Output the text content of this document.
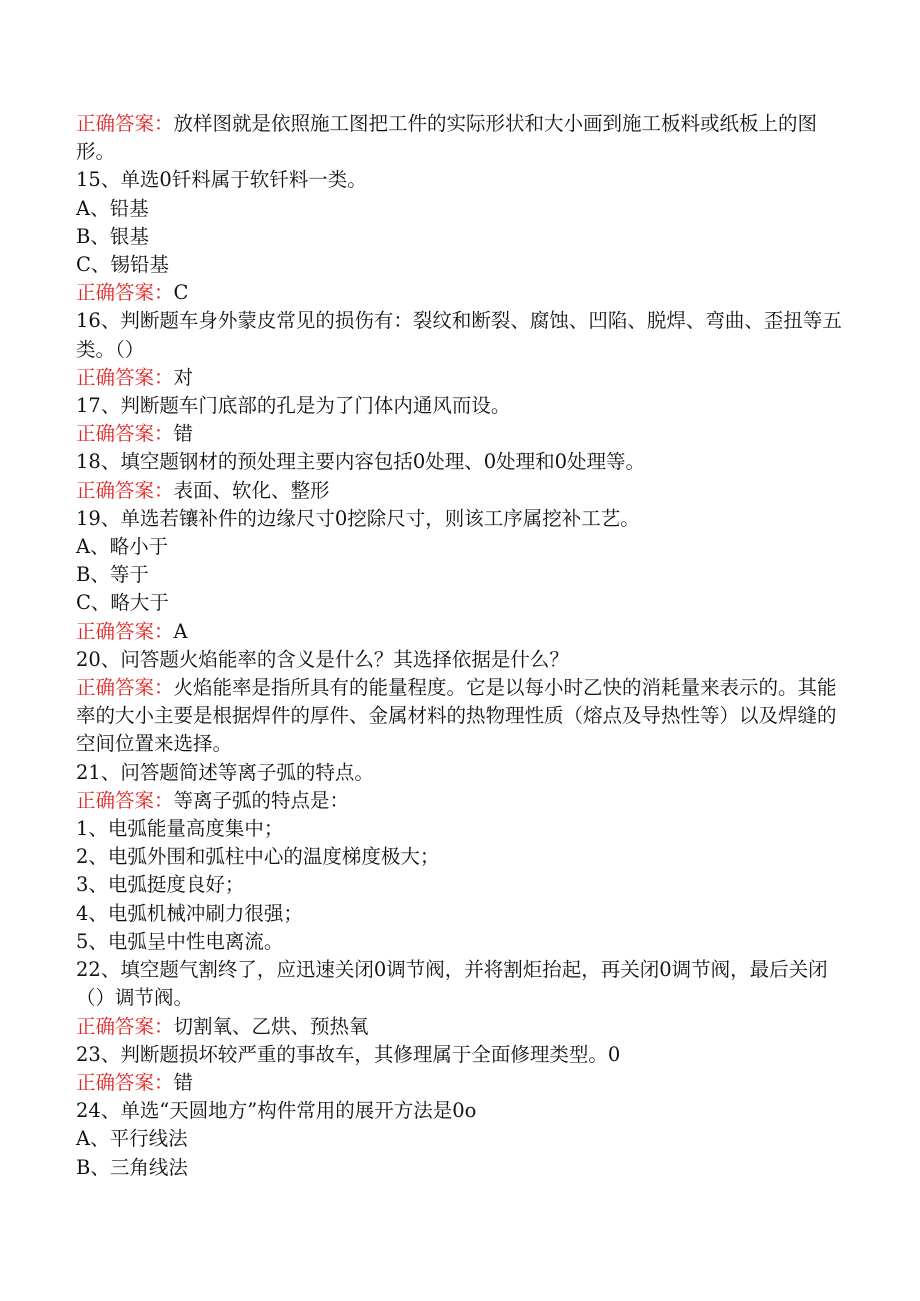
正确答案：放样图就是依照施工图把工件的实际形状和大小画到施工板料或纸板上的图形。

15、单选0钎料属于软钎料一类。

A、铅基

B、银基

C、锡铅基

正确答案：C

16、判断题车身外蒙皮常见的损伤有：裂纹和断裂、腐蚀、凹陷、脱焊、弯曲、歪扭等五类。（）

正确答案：对

17、判断题车门底部的孔是为了门体内通风而设。

正确答案：错

18、填空题钢材的预处理主要内容包括0处理、0处理和0处理等。

正确答案：表面、软化、整形

19、单选若镶补件的边缘尺寸0挖除尺寸，则该工序属挖补工艺。

A、略小于

B、等于

C、略大于

正确答案：A

20、问答题火焰能率的含义是什么？其选择依据是什么？

正确答案：火焰能率是指所具有的能量程度。它是以每小时乙快的消耗量来表示的。其能率的大小主要是根据焊件的厚件、金属材料的热物理性质（熔点及导热性等）以及焊缝的空间位置来选择。

21、问答题简述等离子弧的特点。

正确答案：等离子弧的特点是：

1、电弧能量高度集中；

2、电弧外围和弧柱中心的温度梯度极大；

3、电弧挺度良好；

4、电弧机械冲刷力很强；

5、电弧呈中性电离流。

22、填空题气割终了，应迅速关闭0调节阀，并将割炬抬起，再关闭0调节阀，最后关闭（）调节阀。

正确答案：切割氧、乙烘、预热氧

23、判断题损坏较严重的事故车，其修理属于全面修理类型。0

正确答案：错

24、单选“天圆地方”构件常用的展开方法是0o

A、平行线法

B、三角线法
